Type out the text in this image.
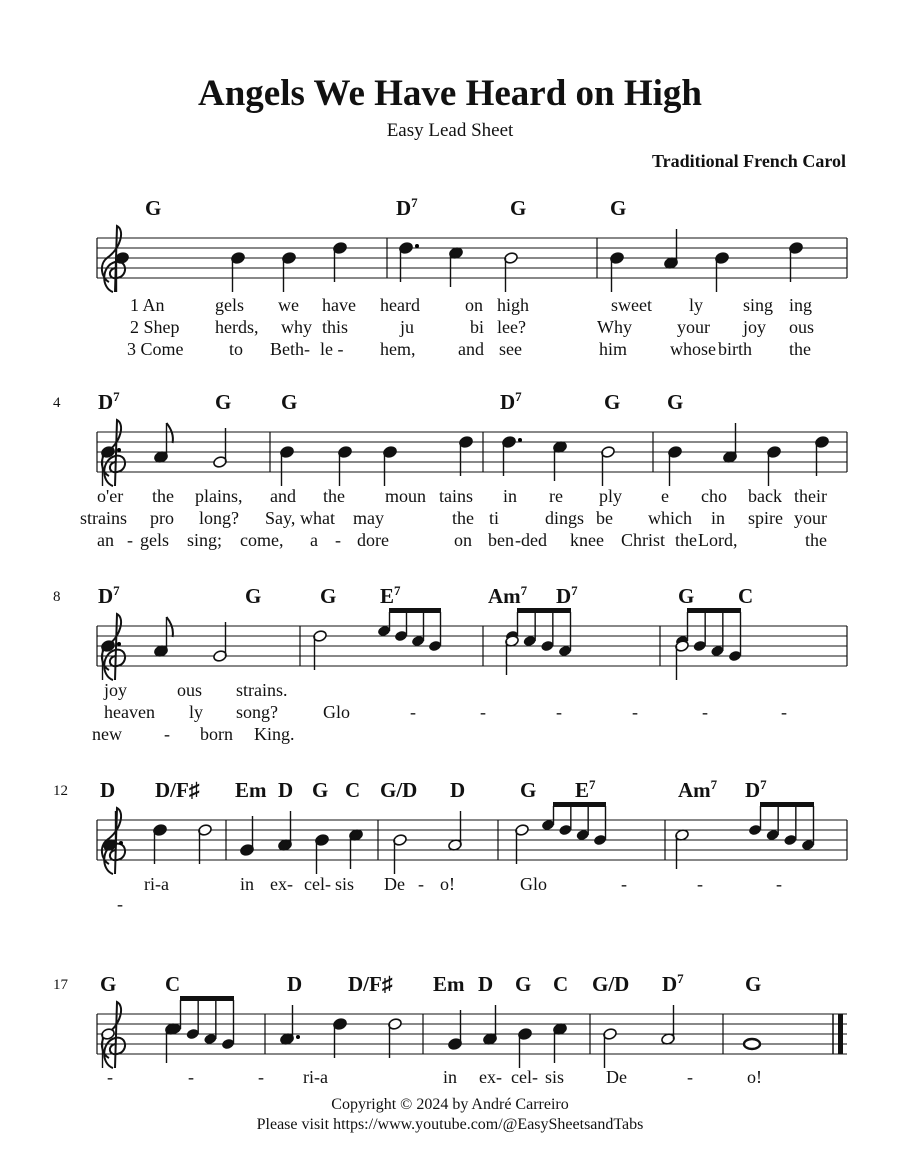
Angels We Have Heard on High
Easy Lead Sheet
Traditional French Carol
G	$D^7$	G	G
1 An	gels we have heard	on high	sweet ly sing ing
2 Shep herds, why this	ju	bi lee?	Why	your joy ous
3 Come	to Beth- le - hem, and see	him whose birth the
4 $D^7$	G G	$D^7$	G G
o'er the plains, and the moun tains in re ply e cho back their
strains pro long? Say, what may	the ti	dings be which in spire your
an - gels sing; come, a - dore	on ben -ded knee Christ the Lord,	the
8 $D^7$	G	G $E^7$	Am$^7$ $D^7$	G C
joy	ous strains.
heaven ly song?	Glo	-	-	-	-	-	-
new - born King.
12 D D/F♯ Em D G C G/D D	G $E^7$	Am$^7$ $D^7$
ri-a	in ex- cel- sis De - o!	Glo	-	-	-
-
17 G C	D D/F♯ Em D G C G/D $D^7$	G
-	-	- ri-a	in ex- cel- sis De	-	o!
Copyright © 2024 by André Carreiro
Please visit https://www.youtube.com/@EasySheetsandTabs
